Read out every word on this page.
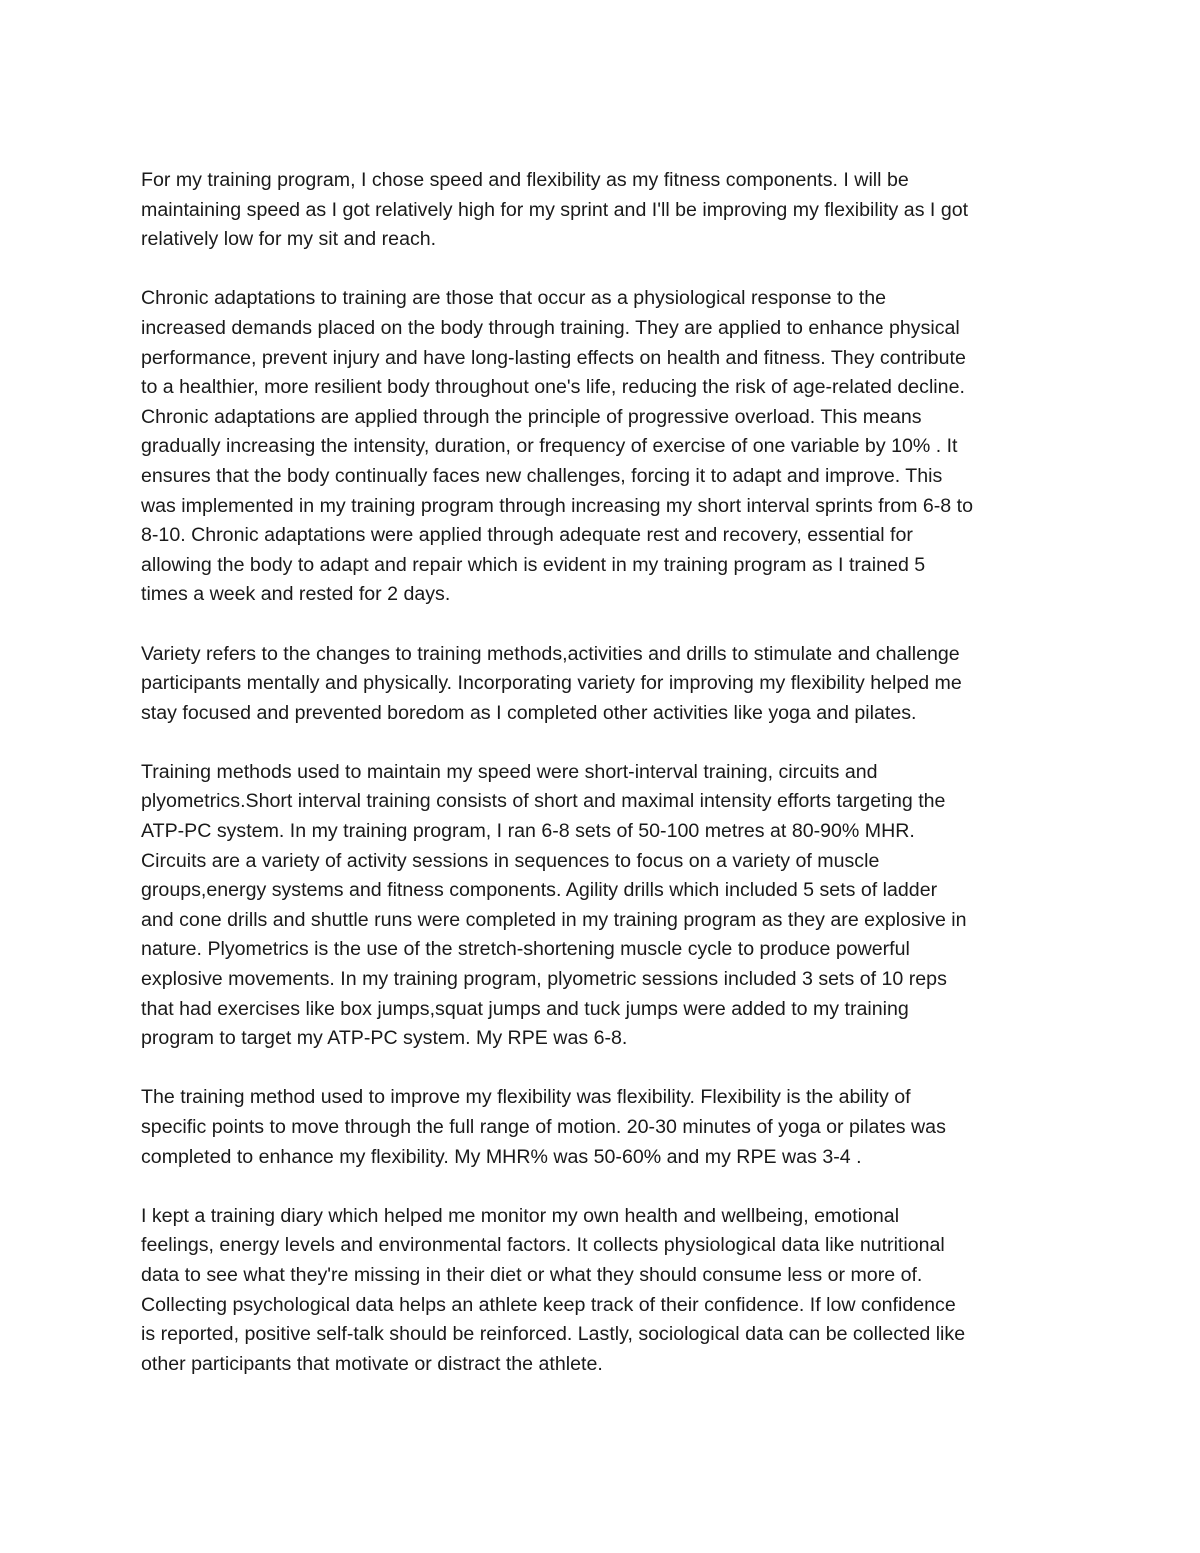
For my training program, I chose speed and flexibility as my fitness components. I will be
maintaining speed as I got relatively high for my sprint and I'll be improving my flexibility as I got
relatively low for my sit and reach.

Chronic adaptations to training are those that occur as a physiological response to the
increased demands placed on the body through training. They are applied to enhance physical
performance, prevent injury and have long-lasting effects on health and fitness. They contribute
to a healthier, more resilient body throughout one's life, reducing the risk of age-related decline.
Chronic adaptations are applied through the principle of progressive overload. This means
gradually increasing the intensity, duration, or frequency of exercise of one variable by 10% . It
ensures that the body continually faces new challenges, forcing it to adapt and improve. This
was implemented in my training program through increasing my short interval sprints from 6-8 to
8-10. Chronic adaptations were applied through adequate rest and recovery, essential for
allowing the body to adapt and repair which is evident in my training program as I trained 5
times a week and rested for 2 days.

Variety refers to the changes to training methods,activities and drills to stimulate and challenge
participants mentally and physically. Incorporating variety for improving my flexibility helped me
stay focused and prevented boredom as I completed other activities like yoga and pilates.

Training methods used to maintain my speed were short-interval training, circuits and
plyometrics.Short interval training consists of short and maximal intensity efforts targeting the
ATP-PC system. In my training program, I ran 6-8 sets of 50-100 metres at 80-90% MHR.
Circuits are a variety of activity sessions in sequences to focus on a variety of muscle
groups,energy systems and fitness components. Agility drills which included 5 sets of ladder
and cone drills and shuttle runs were completed in my training program as they are explosive in
nature. Plyometrics is the use of the stretch-shortening muscle cycle to produce powerful
explosive movements. In my training program, plyometric sessions included 3 sets of 10 reps
that had exercises like box jumps,squat jumps and tuck jumps were added to my training
program to target my ATP-PC system. My RPE was 6-8.

The training method used to improve my flexibility was flexibility. Flexibility is the ability of
specific points to move through the full range of motion. 20-30 minutes of yoga or pilates was
completed to enhance my flexibility. My MHR% was 50-60% and my RPE was 3-4 .

I kept a training diary which helped me monitor my own health and wellbeing, emotional
feelings, energy levels and environmental factors. It collects physiological data like nutritional
data to see what they're missing in their diet or what they should consume less or more of.
Collecting psychological data helps an athlete keep track of their confidence. If low confidence
is reported, positive self-talk should be reinforced. Lastly, sociological data can be collected like
other participants that motivate or distract the athlete.
